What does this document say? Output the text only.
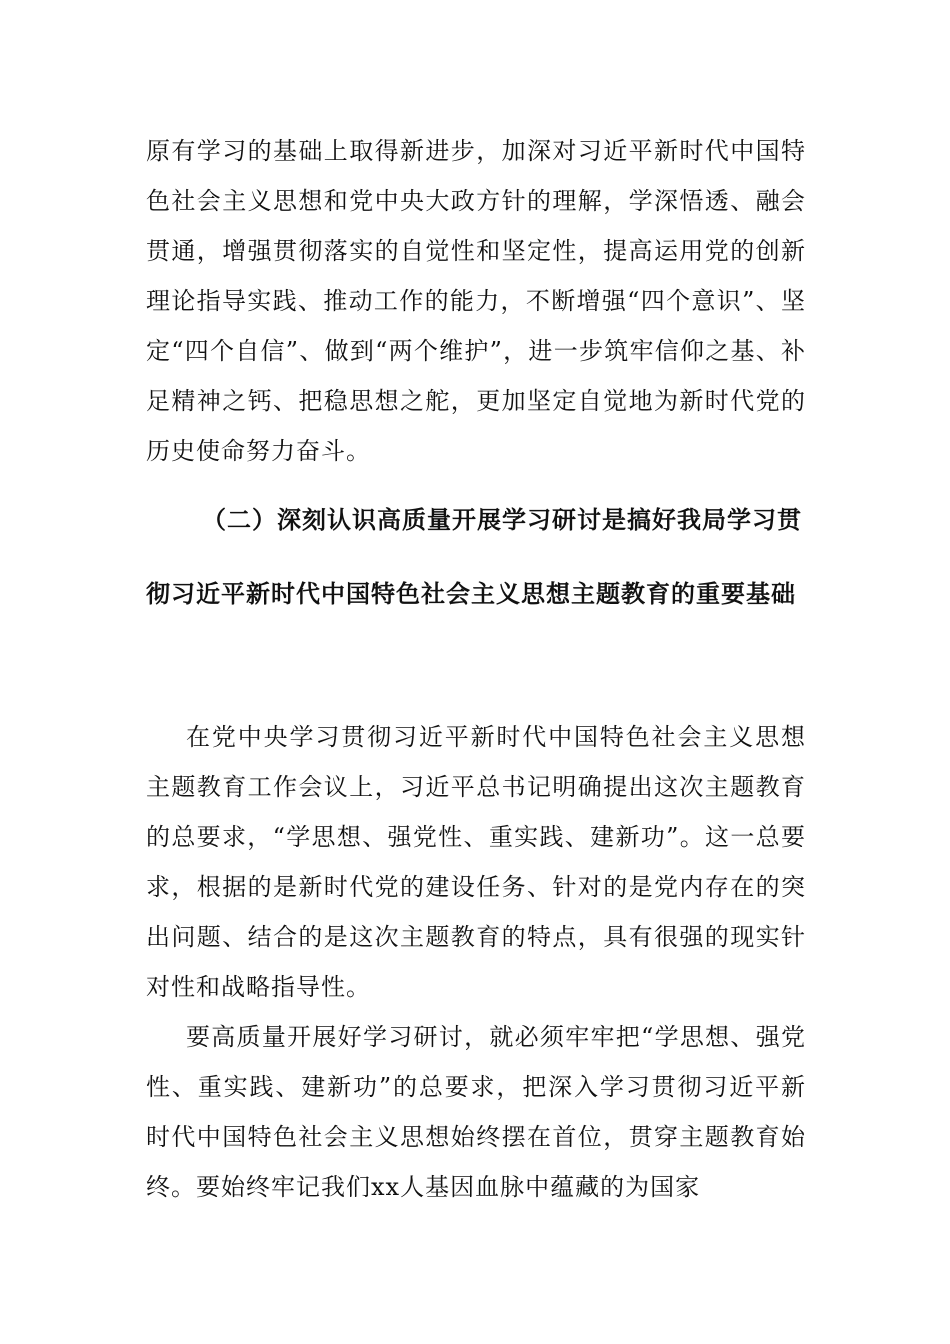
原有学习的基础上取得新进步，加深对习近平新时代中国特色社会主义思想和党中央大政方针的理解，学深悟透、融会贯通，增强贯彻落实的自觉性和坚定性，提高运用党的创新理论指导实践、推动工作的能力，不断增强“四个意识”、坚定“四个自信”、做到“两个维护”，进一步筑牢信仰之基、补足精神之钙、把稳思想之舵，更加坚定自觉地为新时代党的历史使命努力奋斗。

（二）深刻认识高质量开展学习研讨是搞好我局学习贯彻习近平新时代中国特色社会主义思想主题教育的重要基础

在党中央学习贯彻习近平新时代中国特色社会主义思想主题教育工作会议上，习近平总书记明确提出这次主题教育的总要求，“学思想、强党性、重实践、建新功”。这一总要求，根据的是新时代党的建设任务、针对的是党内存在的突出问题、结合的是这次主题教育的特点，具有很强的现实针对性和战略指导性。

要高质量开展好学习研讨，就必须牢牢把“学思想、强党性、重实践、建新功”的总要求，把深入学习贯彻习近平新时代中国特色社会主义思想始终摆在首位，贯穿主题教育始终。要始终牢记我们xx人基因血脉中蕴藏的为国家
